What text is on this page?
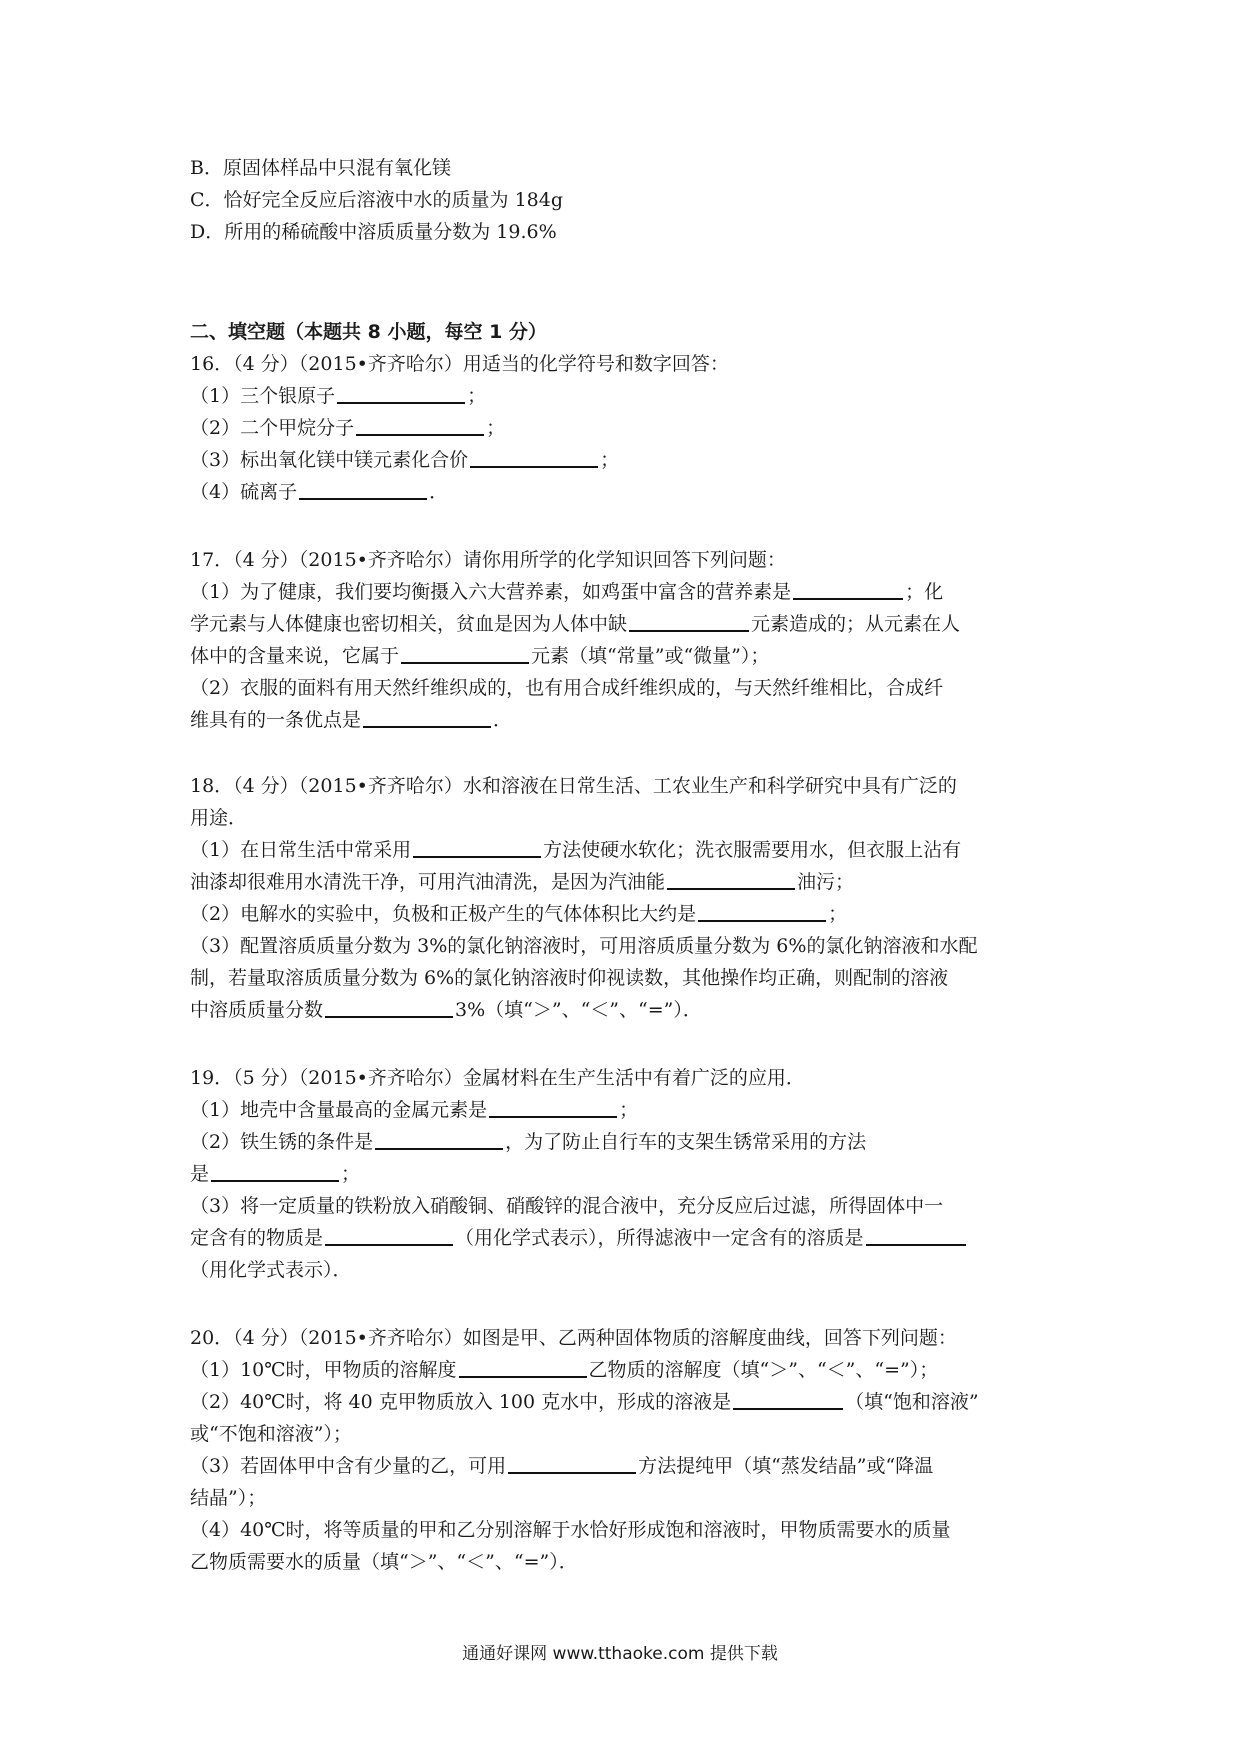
B．原固体样品中只混有氧化镁
C．恰好完全反应后溶液中水的质量为 184g
D．所用的稀硫酸中溶质质量分数为 19.6%
二、填空题（本题共 8 小题，每空 1 分）
16．（4 分）（2015•齐齐哈尔）用适当的化学符号和数字回答：
（1）三个银原子	；
（2）二个甲烷分子	；
（3）标出氧化镁中镁元素化合价	；
（4）硫离子	．
17．（4 分）（2015•齐齐哈尔）请你用所学的化学知识回答下列问题：
（1）为了健康，我们要均衡摄入六大营养素，如鸡蛋中富含的营养素是	；化
学元素与人体健康也密切相关，贫血是因为人体中缺	元素造成的；从元素在人
体中的含量来说，它属于	元素（填“常量”或“微量”）；
（2）衣服的面料有用天然纤维织成的，也有用合成纤维织成的，与天然纤维相比，合成纤
维具有的一条优点是	．
18．（4 分）（2015•齐齐哈尔）水和溶液在日常生活、工农业生产和科学研究中具有广泛的
用途．
（1）在日常生活中常采用	方法使硬水软化；洗衣服需要用水，但衣服上沾有
油漆却很难用水清洗干净，可用汽油清洗，是因为汽油能	油污；
（2）电解水的实验中，负极和正极产生的气体体积比大约是	；
（3）配置溶质质量分数为 3%的氯化钠溶液时，可用溶质质量分数为 6%的氯化钠溶液和水配
制，若量取溶质质量分数为 6%的氯化钠溶液时仰视读数，其他操作均正确，则配制的溶液
中溶质质量分数	3%（填“＞”、“＜”、“=”）．
19．（5 分）（2015•齐齐哈尔）金属材料在生产生活中有着广泛的应用．
（1）地壳中含量最高的金属元素是	；
（2）铁生锈的条件是	，为了防止自行车的支架生锈常采用的方法
是	；
（3）将一定质量的铁粉放入硝酸铜、硝酸锌的混合液中，充分反应后过滤，所得固体中一
定含有的物质是	（用化学式表示），所得滤液中一定含有的溶质是
（用化学式表示）．
20．（4 分）（2015•齐齐哈尔）如图是甲、乙两种固体物质的溶解度曲线，回答下列问题：
（1）10℃时，甲物质的溶解度	乙物质的溶解度（填“＞”、“＜”、“=”）；
（2）40℃时，将 40 克甲物质放入 100 克水中，形成的溶液是	（填“饱和溶液”
或“不饱和溶液”）；
（3）若固体甲中含有少量的乙，可用	方法提纯甲（填“蒸发结晶”或“降温
结晶”）；
（4）40℃时，将等质量的甲和乙分别溶解于水恰好形成饱和溶液时，甲物质需要水的质量
乙物质需要水的质量（填“＞”、“＜”、“=”）．
通通好课网 www.tthaoke.com 提供下载
